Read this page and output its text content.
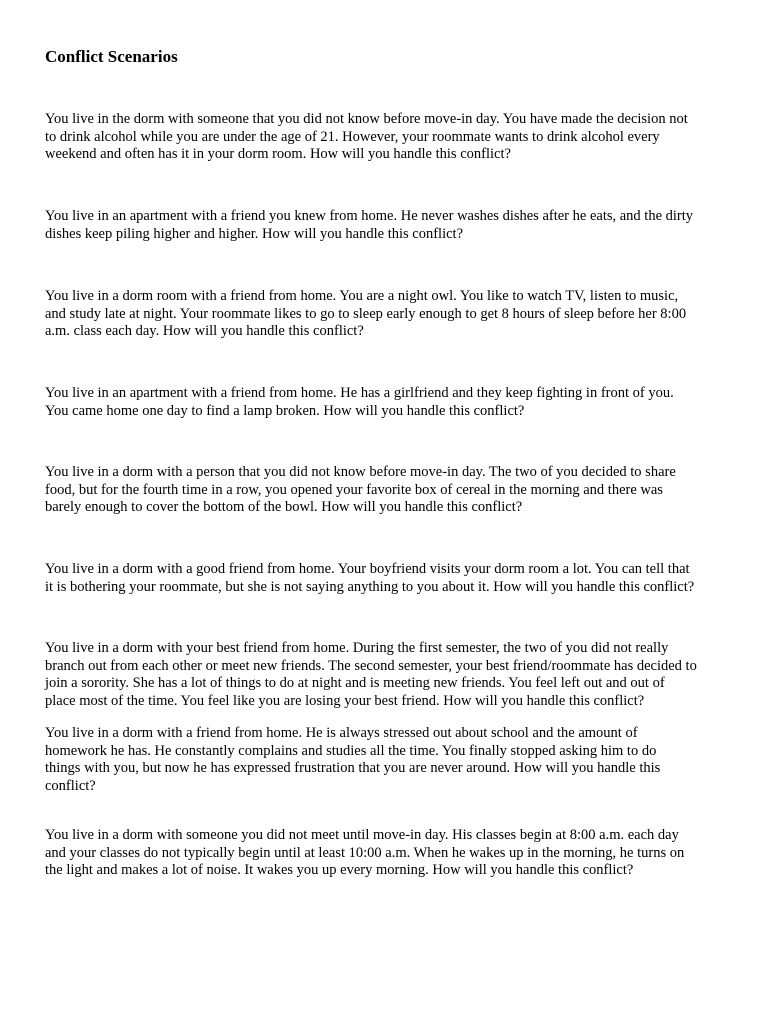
Conflict Scenarios

You live in the dorm with someone that you did not know before move-in day. You have made the decision not
to drink alcohol while you are under the age of 21. However, your roommate wants to drink alcohol every
weekend and often has it in your dorm room. How will you handle this conflict?

You live in an apartment with a friend you knew from home. He never washes dishes after he eats, and the dirty
dishes keep piling higher and higher. How will you handle this conflict?

You live in a dorm room with a friend from home. You are a night owl. You like to watch TV, listen to music,
and study late at night. Your roommate likes to go to sleep early enough to get 8 hours of sleep before her 8:00
a.m. class each day. How will you handle this conflict?

You live in an apartment with a friend from home. He has a girlfriend and they keep fighting in front of you.
You came home one day to find a lamp broken. How will you handle this conflict?

You live in a dorm with a person that you did not know before move-in day. The two of you decided to share
food, but for the fourth time in a row, you opened your favorite box of cereal in the morning and there was
barely enough to cover the bottom of the bowl. How will you handle this conflict?

You live in a dorm with a good friend from home. Your boyfriend visits your dorm room a lot. You can tell that
it is bothering your roommate, but she is not saying anything to you about it. How will you handle this conflict?

You live in a dorm with your best friend from home. During the first semester, the two of you did not really
branch out from each other or meet new friends. The second semester, your best friend/roommate has decided to
join a sorority. She has a lot of things to do at night and is meeting new friends. You feel left out and out of
place most of the time. You feel like you are losing your best friend. How will you handle this conflict?

You live in a dorm with a friend from home. He is always stressed out about school and the amount of
homework he has. He constantly complains and studies all the time. You finally stopped asking him to do
things with you, but now he has expressed frustration that you are never around. How will you handle this
conflict?

You live in a dorm with someone you did not meet until move-in day. His classes begin at 8:00 a.m. each day
and your classes do not typically begin until at least 10:00 a.m. When he wakes up in the morning, he turns on
the light and makes a lot of noise. It wakes you up every morning. How will you handle this conflict?
